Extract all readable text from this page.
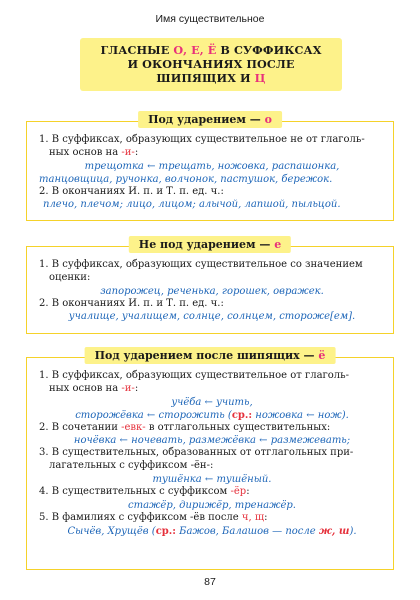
Имя существительное
ГЛАСНЫЕ О, Е, Ё В СУФФИКСАХ
И ОКОНЧАНИЯХ ПОСЛЕ ШИПЯЩИХ И Ц
Под ударением — о
1. В суффиксах, образующих существительное не от глаголь-
ных основ на -и-:
трещотка ← трещать, ножовка, распашонка,
танцовщица, ручонка, волчонок, пастушок, бережок.
2. В окончаниях И. п. и Т. п. ед. ч.:
плечо, плечом; лицо, лицом; алычой, лапшой, пыльцой.
Не под ударением — е
1. В суффиксах, образующих существительное со значением
оценки:
запорожец, реченька, горошек, овражек.
2. В окончаниях И. п. и Т. п. ед. ч.:
учалище, учалищем, солнце, солнцем, стороже[ем].
Под ударением после шипящих — ё
1. В суффиксах, образующих существительное от глаголь-
ных основ на -и-:
учёба ← учить,
сторожёвка ← сторожить (ср.: ножовка ← нож).
2. В сочетании -евк- в отглагольных существительных:
ночёвка ← ночевать, размежёвка ← размежевать;
3. В существительных, образованных от отглагольных при-
лагательных с суффиксом -ён-:
тушёнка ← тушёный.
4. В существительных с суффиксом -ёр:
стажёр, дирижёр, тренажёр.
5. В фамилиях с суффиксом -ёв после ч, щ:
Сычёв, Хрущёв (ср.: Бажов, Балашов — после ж, ш).
87
